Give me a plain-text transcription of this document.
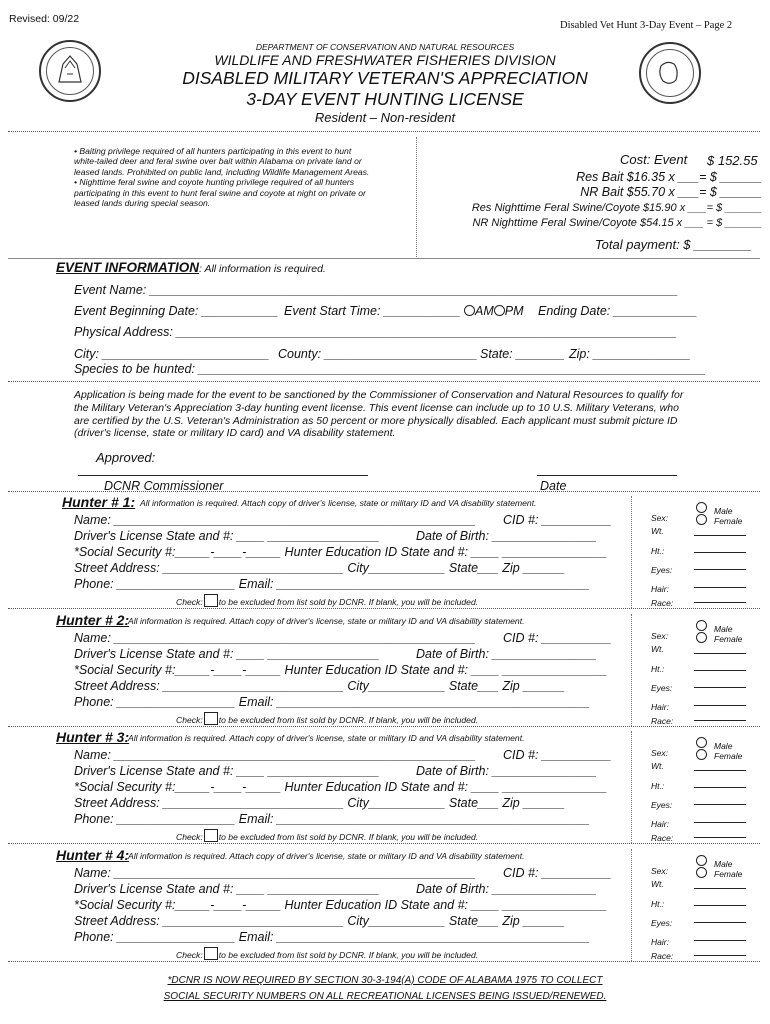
Revised: 09/22
Disabled Vet Hunt 3-Day Event – Page 2
DEPARTMENT OF CONSERVATION AND NATURAL RESOURCES
WILDLIFE AND FRESHWATER FISHERIES DIVISION
DISABLED MILITARY VETERAN'S APPRECIATION
3-DAY EVENT HUNTING LICENSE
Resident – Non-resident
• Baiting privilege required of all hunters participating in this event to hunt white-tailed deer and feral swine over bait within Alabama on private land or leased lands. Prohibited on public land, including Wildlife Management Areas.
• Nighttime feral swine and coyote hunting privilege required of all hunters participating in this event to hunt feral swine and coyote at night on private or leased lands during special season.
Cost: Event $ 152.55
Res Bait $16.35 x ___= $ ______
NR Bait $55.70 x ___= $ ______
Res Nighttime Feral Swine/Coyote $15.90 x ___= $ ______
NR Nighttime Feral Swine/Coyote $54.15 x ___ = $ ______
Total payment: $ ________
EVENT INFORMATION: All information is required.
Event Name: ____________________________________________________________________________
Event Beginning Date: ___________ Event Start Time: ___________	AM PM Ending Date: ____________
Physical Address: ________________________________________________________________________
City: ________________________ County: ______________________ State: _______ Zip: ______________
Species to be hunted: _________________________________________________________________________
Application is being made for the event to be sanctioned by the Commissioner of Conservation and Natural Resources to qualify for the Military Veteran's Appreciation 3-day hunting event license. This event license can include up to 10 U.S. Military Veterans, who are certified by the U.S. Veteran's Administration as 50 percent or more physically disabled. Each applicant must submit picture ID (driver's license, state or military ID card) and VA disability statement.
Approved:
DCNR Commissioner	Date
Hunter # 1: All information is required. Attach copy of driver's license, state or military ID and VA disability statement.
Name: ____________________________________________________ CID #: __________
Driver's License State and #: ____ ________________	Date of Birth: _______________
*Social Security #:_____-____-_____ Hunter Education ID State and #: ____ _______________
Street Address: __________________________ City___________ State___ Zip ______
Phone: _________________ Email: _____________________________________________
Check: to be excluded from list sold by DCNR. If blank, you will be included.
Sex:
Male
Female
Wt.
Ht.:
Eyes:
Hair:
Race:
Hunter # 2:
All information is required. Attach copy of driver's license, state or military ID and VA disability statement.
Name: ____________________________________________________ CID #: __________
Driver's License State and #: ____ ________________	Date of Birth: _______________
*Social Security #:_____-____-_____ Hunter Education ID State and #: ____ _______________
Street Address: __________________________ City___________ State___ Zip ______
Phone: _________________ Email: _____________________________________________
Check: to be excluded from list sold by DCNR. If blank, you will be included.
Sex:
Male
Female
Wt.
Ht.:
Eyes:
Hair:
Race:
Hunter # 3:
All information is required. Attach copy of driver's license, state or military ID and VA disability statement.
Name: ____________________________________________________ CID #: __________
Driver's License State and #: ____ ________________	Date of Birth: _______________
*Social Security #:_____-____-_____ Hunter Education ID State and #: ____ _______________
Street Address: __________________________ City___________ State___ Zip ______
Phone: _________________ Email: _____________________________________________
Check: to be excluded from list sold by DCNR. If blank, you will be included.
Sex:
Male
Female
Wt.
Ht.:
Eyes:
Hair:
Race:
Hunter # 4:
All information is required. Attach copy of driver's license, state or military ID and VA disability statement.
Name: ____________________________________________________ CID #: __________
Driver's License State and #: ____ ________________	Date of Birth: _______________
*Social Security #:_____-____-_____ Hunter Education ID State and #: ____ _______________
Street Address: __________________________ City___________ State___ Zip ______
Phone: _________________ Email: _____________________________________________
Check: to be excluded from list sold by DCNR. If blank, you will be included.
Sex:
Male
Female
Wt.
Ht.:
Eyes:
Hair:
Race:
*DCNR IS NOW REQUIRED BY SECTION 30-3-194(A) CODE OF ALABAMA 1975 TO COLLECT
SOCIAL SECURITY NUMBERS ON ALL RECREATIONAL LICENSES BEING ISSUED/RENEWED.
